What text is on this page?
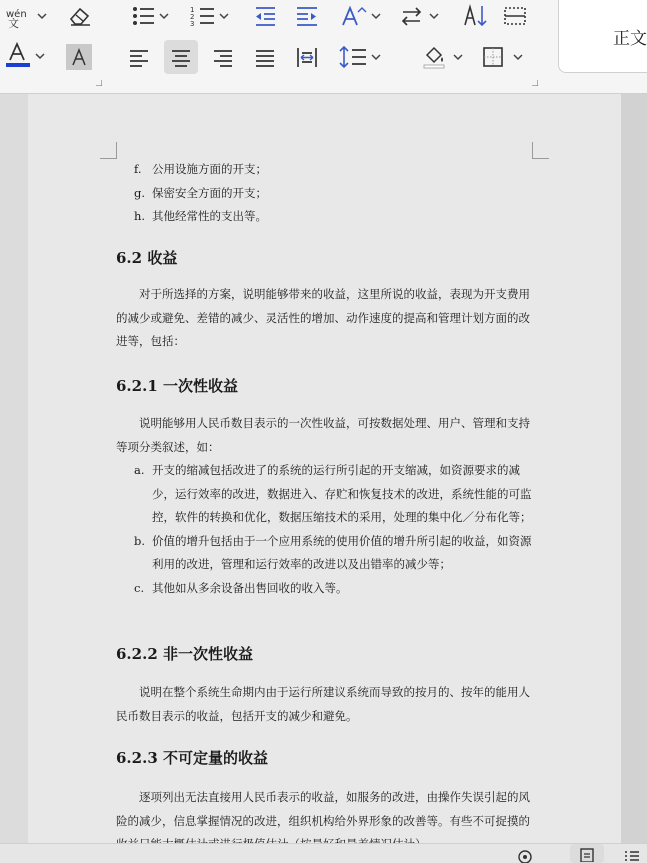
wén
文
1
2
3
正文

f. 公用设施方面的开支；

g. 保密安全方面的开支；

h. 其他经常性的支出等。

6.2 收益

对于所选择的方案，说明能够带来的收益，这里所说的收益，表现为开支费用的减少或避免、差错的减少、灵活性的增加、动作速度的提高和管理计划方面的改进等，包括：

6.2.1 一次性收益

说明能够用人民币数目表示的一次性收益，可按数据处理、用户、管理和支持等项分类叙述，如：

a. 开支的缩减包括改进了的系统的运行所引起的开支缩减，如资源要求的减少，运行效率的改进，数据进入、存贮和恢复技术的改进，系统性能的可监控，软件的转换和优化，数据压缩技术的采用，处理的集中化／分布化等；

b. 价值的增升包括由于一个应用系统的使用价值的增升所引起的收益，如资源利用的改进，管理和运行效率的改进以及出错率的减少等；

c. 其他如从多余设备出售回收的收入等。

6.2.2 非一次性收益

说明在整个系统生命期内由于运行所建议系统而导致的按月的、按年的能用人民币数目表示的收益，包括开支的减少和避免。

6.2.3 不可定量的收益

逐项列出无法直接用人民币表示的收益，如服务的改进，由操作失误引起的风险的减少，信息掌握情况的改进，组织机构给外界形象的改善等。有些不可捉摸的
